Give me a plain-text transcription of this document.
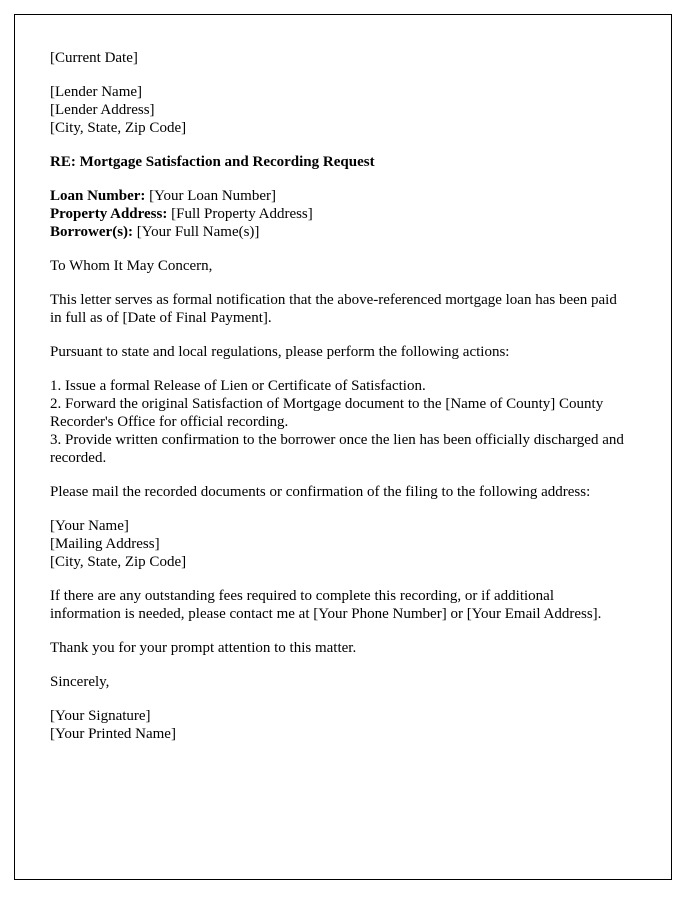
[Current Date]
[Lender Name]
[Lender Address]
[City, State, Zip Code]
RE: Mortgage Satisfaction and Recording Request
Loan Number: [Your Loan Number]
Property Address: [Full Property Address]
Borrower(s): [Your Full Name(s)]
To Whom It May Concern,
This letter serves as formal notification that the above-referenced mortgage loan has been paid in full as of [Date of Final Payment].
Pursuant to state and local regulations, please perform the following actions:
1. Issue a formal Release of Lien or Certificate of Satisfaction.
2. Forward the original Satisfaction of Mortgage document to the [Name of County] County Recorder's Office for official recording.
3. Provide written confirmation to the borrower once the lien has been officially discharged and recorded.
Please mail the recorded documents or confirmation of the filing to the following address:
[Your Name]
[Mailing Address]
[City, State, Zip Code]
If there are any outstanding fees required to complete this recording, or if additional information is needed, please contact me at [Your Phone Number] or [Your Email Address].
Thank you for your prompt attention to this matter.
Sincerely,
[Your Signature]
[Your Printed Name]
